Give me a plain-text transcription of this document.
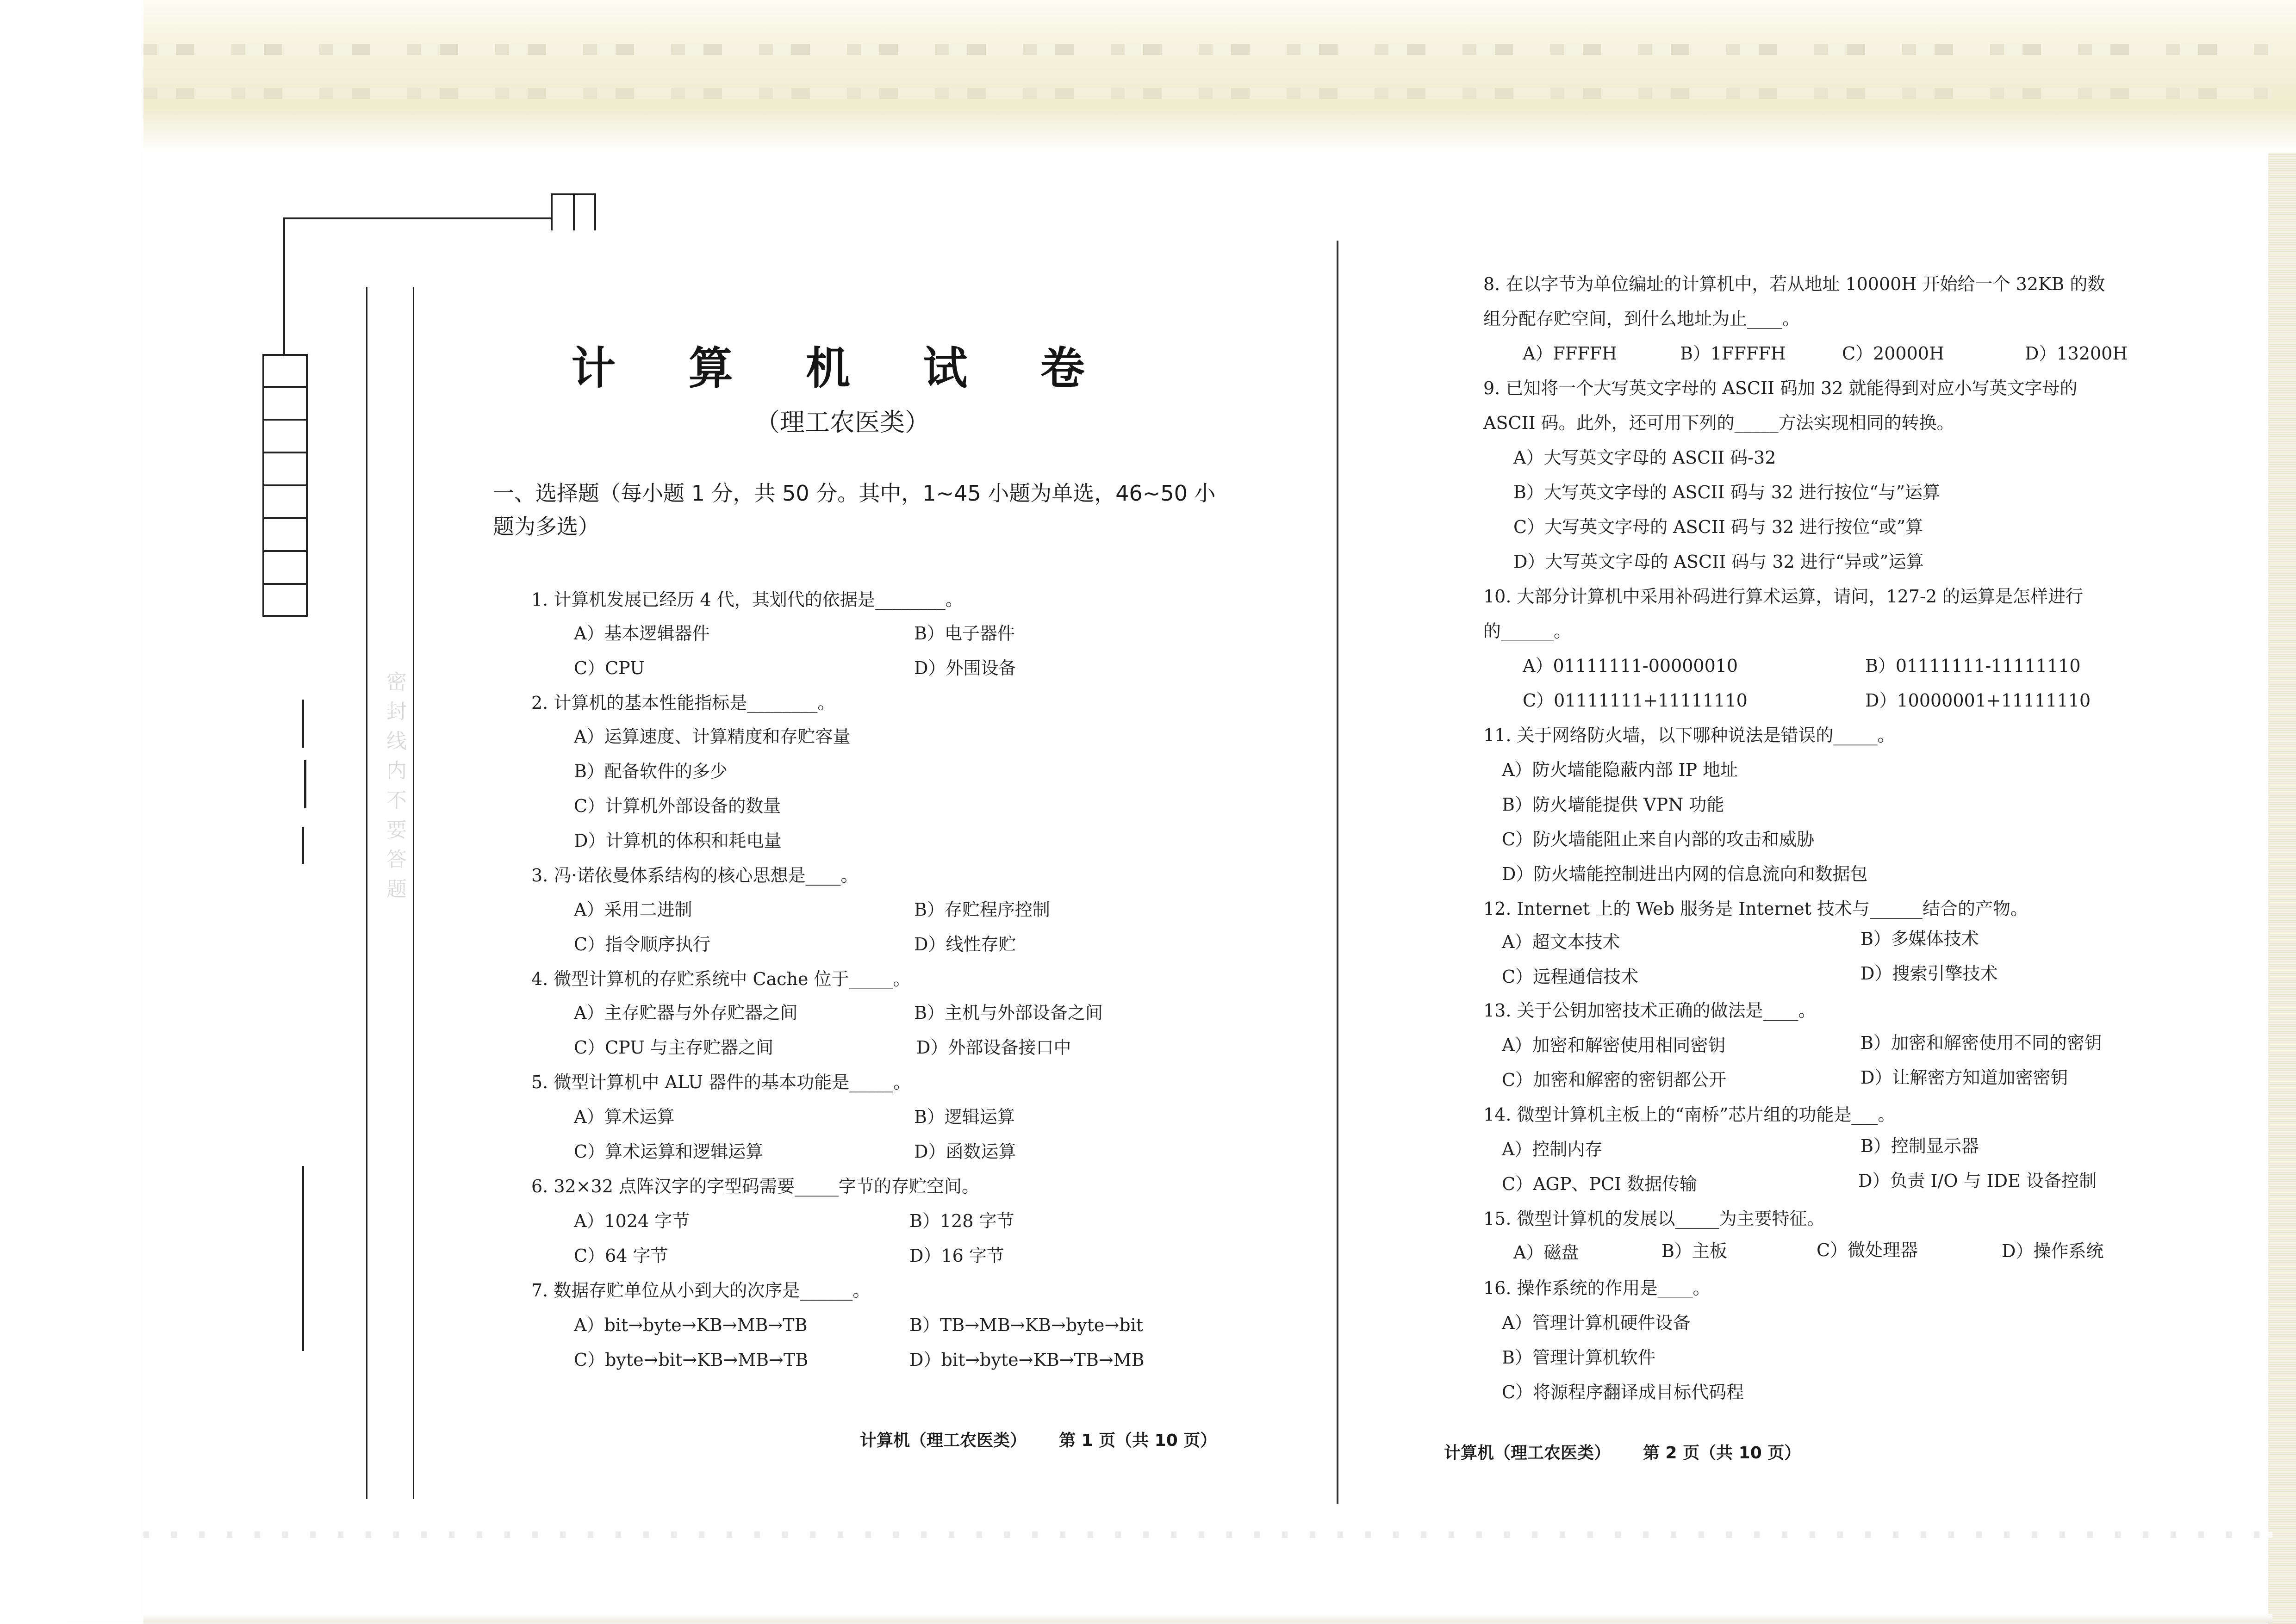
密封线内不要答题
计 算 机 试 卷
（理工农医类）
一、选择题（每小题 1 分，共 50 分。其中，1~45 小题为单选，46~50 小
题为多选）
1. 计算机发展已经历 4 代，其划代的依据是________。
A）基本逻辑器件	B）电子器件
C）CPU	D）外围设备
2. 计算机的基本性能指标是________。
A）运算速度、计算精度和存贮容量
B）配备软件的多少
C）计算机外部设备的数量
D）计算机的体积和耗电量
3. 冯·诺依曼体系结构的核心思想是____。
A）采用二进制	B）存贮程序控制
C）指令顺序执行	D）线性存贮
4. 微型计算机的存贮系统中 Cache 位于_____。
A）主存贮器与外存贮器之间	B）主机与外部设备之间
C）CPU 与主存贮器之间	D）外部设备接口中
5. 微型计算机中 ALU 器件的基本功能是_____。
A）算术运算	B）逻辑运算
C）算术运算和逻辑运算	D）函数运算
6. 32×32 点阵汉字的字型码需要_____字节的存贮空间。
A）1024 字节	B）128 字节
C）64 字节	D）16 字节
7. 数据存贮单位从小到大的次序是______。
A）bit→byte→KB→MB→TB	B）TB→MB→KB→byte→bit
C）byte→bit→KB→MB→TB	D）bit→byte→KB→TB→MB
计算机（理工农医类） 第 1 页（共 10 页）
8. 在以字节为单位编址的计算机中，若从地址 10000H 开始给一个 32KB 的数
组分配存贮空间，到什么地址为止____。
A）FFFFH	B）1FFFFH	C）20000H	D）13200H
9. 已知将一个大写英文字母的 ASCII 码加 32 就能得到对应小写英文字母的
ASCII 码。此外，还可用下列的_____方法实现相同的转换。
A）大写英文字母的 ASCII 码-32
B）大写英文字母的 ASCII 码与 32 进行按位“与”运算
C）大写英文字母的 ASCII 码与 32 进行按位“或”算
D）大写英文字母的 ASCII 码与 32 进行“异或”运算
10. 大部分计算机中采用补码进行算术运算，请问，127-2 的运算是怎样进行
的______。
A）01111111-00000010	B）01111111-11111110
C）01111111+11111110	D）10000001+11111110
11. 关于网络防火墙，以下哪种说法是错误的_____。
A）防火墙能隐蔽内部 IP 地址
B）防火墙能提供 VPN 功能
C）防火墙能阻止来自内部的攻击和威胁
D）防火墙能控制进出内网的信息流向和数据包
12. Internet 上的 Web 服务是 Internet 技术与______结合的产物。
A）超文本技术	B）多媒体技术
C）远程通信技术	D）搜索引擎技术
13. 关于公钥加密技术正确的做法是____。
A）加密和解密使用相同密钥	B）加密和解密使用不同的密钥
C）加密和解密的密钥都公开	D）让解密方知道加密密钥
14. 微型计算机主板上的“南桥”芯片组的功能是___。
A）控制内存	B）控制显示器
C）AGP、PCI 数据传输	D）负责 I/O 与 IDE 设备控制
15. 微型计算机的发展以_____为主要特征。
A）磁盘	B）主板	C）微处理器	D）操作系统
16. 操作系统的作用是____。
A）管理计算机硬件设备
B）管理计算机软件
C）将源程序翻译成目标代码程
计算机（理工农医类） 第 2 页（共 10 页）
